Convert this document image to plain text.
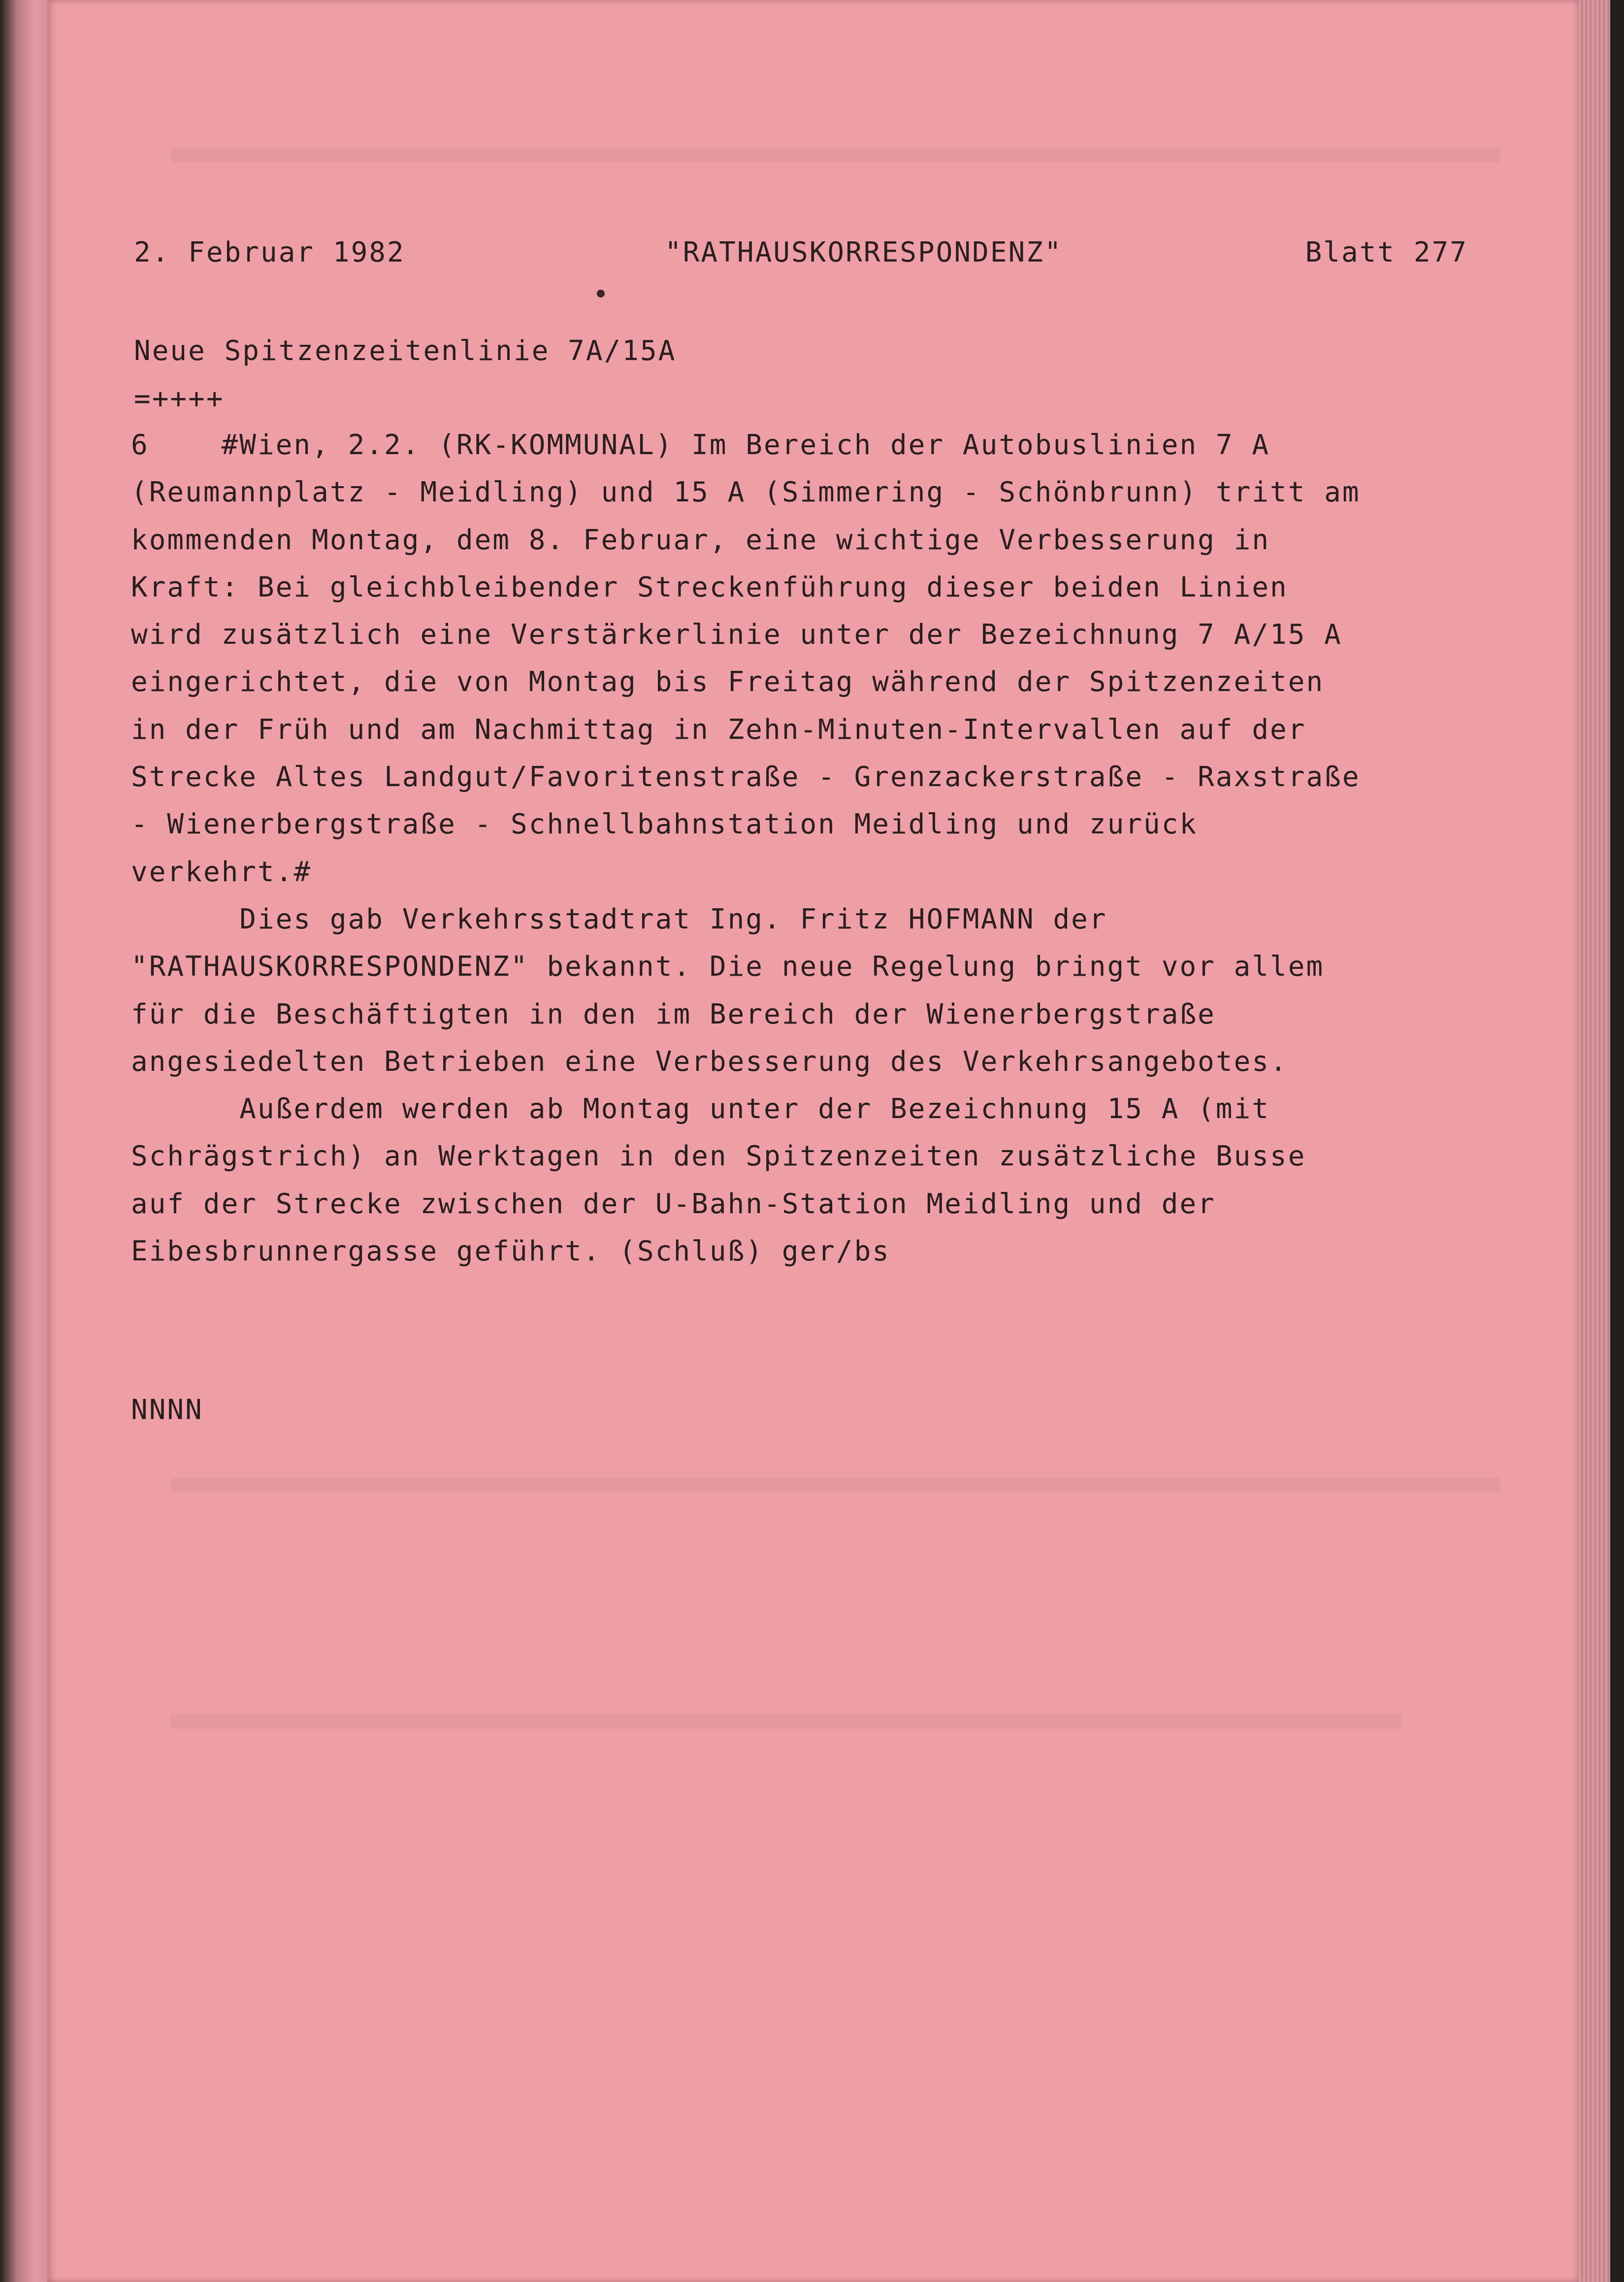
2. Februar 1982	"RATHAUSKORRESPONDENZ"	Blatt 277

Neue Spitzenzeitenlinie 7A/15A

=++++

6    #Wien, 2.2. (RK-KOMMUNAL) Im Bereich der Autobuslinien 7 A
(Reumannplatz - Meidling) und 15 A (Simmering - Schönbrunn) tritt am
kommenden Montag, dem 8. Februar, eine wichtige Verbesserung in
Kraft: Bei gleichbleibender Streckenführung dieser beiden Linien
wird zusätzlich eine Verstärkerlinie unter der Bezeichnung 7 A/15 A
eingerichtet, die von Montag bis Freitag während der Spitzenzeiten
in der Früh und am Nachmittag in Zehn-Minuten-Intervallen auf der
Strecke Altes Landgut/Favoritenstraße - Grenzackerstraße - Raxstraße
- Wienerbergstraße - Schnellbahnstation Meidling und zurück
verkehrt.#
Dies gab Verkehrsstadtrat Ing. Fritz HOFMANN der
"RATHAUSKORRESPONDENZ" bekannt. Die neue Regelung bringt vor allem
für die Beschäftigten in den im Bereich der Wienerbergstraße
angesiedelten Betrieben eine Verbesserung des Verkehrsangebotes.
Außerdem werden ab Montag unter der Bezeichnung 15 A (mit
Schrägstrich) an Werktagen in den Spitzenzeiten zusätzliche Busse
auf der Strecke zwischen der U-Bahn-Station Meidling und der
Eibesbrunnergasse geführt. (Schluß) ger/bs

NNNN
